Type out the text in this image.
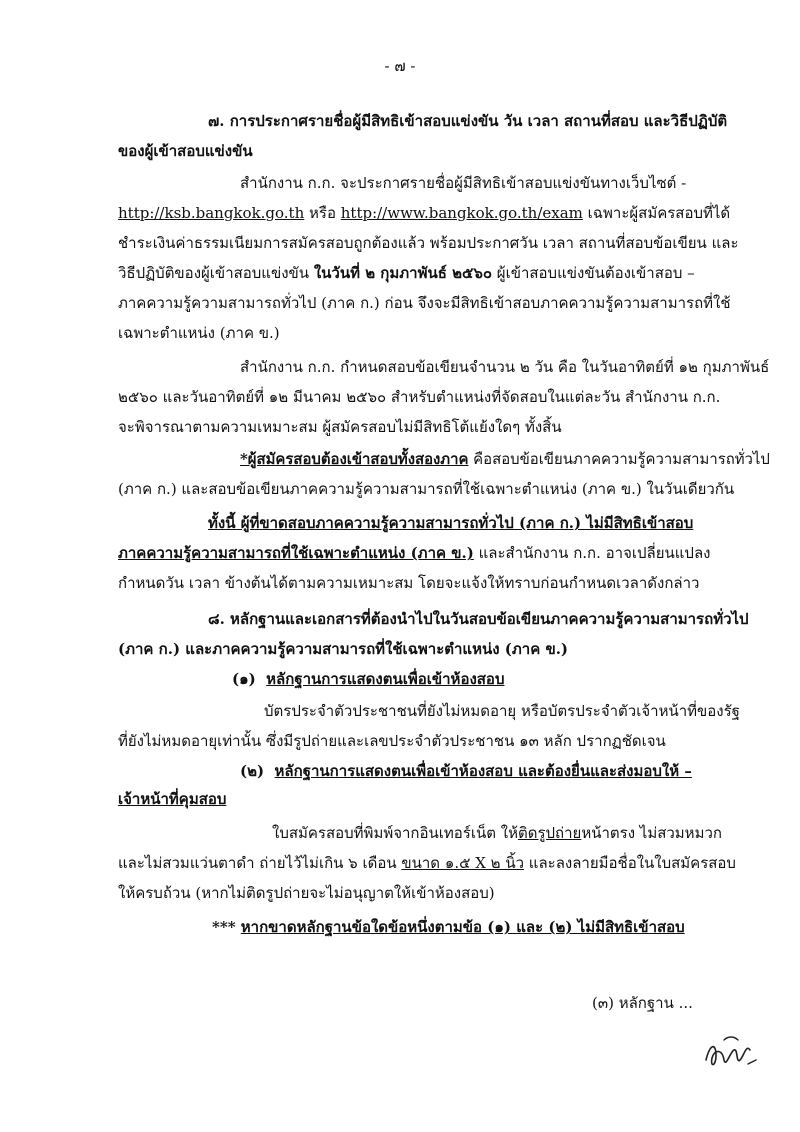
- ๗ -
๗. การประกาศรายชื่อผู้มีสิทธิเข้าสอบแข่งขัน วัน เวลา สถานที่สอบ และวิธีปฏิบัติ
ของผู้เข้าสอบแข่งขัน
สำนักงาน ก.ก. จะประกาศรายชื่อผู้มีสิทธิเข้าสอบแข่งขันทางเว็บไซต์ -
http://ksb.bangkok.go.th หรือ http://www.bangkok.go.th/exam เฉพาะผู้สมัครสอบที่ได้
ชำระเงินค่าธรรมเนียมการสมัครสอบถูกต้องแล้ว พร้อมประกาศวัน เวลา สถานที่สอบข้อเขียน และ
วิธีปฏิบัติของผู้เข้าสอบแข่งขัน ในวันที่ ๒ กุมภาพันธ์ ๒๕๖๐ ผู้เข้าสอบแข่งขันต้องเข้าสอบ –
ภาคความรู้ความสามารถทั่วไป (ภาค ก.) ก่อน จึงจะมีสิทธิเข้าสอบภาคความรู้ความสามารถที่ใช้
เฉพาะตำแหน่ง (ภาค ข.)
สำนักงาน ก.ก. กำหนดสอบข้อเขียนจำนวน ๒ วัน คือ ในวันอาทิตย์ที่ ๑๒ กุมภาพันธ์
๒๕๖๐ และวันอาทิตย์ที่ ๑๒ มีนาคม ๒๕๖๐ สำหรับตำแหน่งที่จัดสอบในแต่ละวัน สำนักงาน ก.ก.
จะพิจารณาตามความเหมาะสม ผู้สมัครสอบไม่มีสิทธิโต้แย้งใดๆ ทั้งสิ้น
*ผู้สมัครสอบต้องเข้าสอบทั้งสองภาค คือสอบข้อเขียนภาคความรู้ความสามารถทั่วไป
(ภาค ก.) และสอบข้อเขียนภาคความรู้ความสามารถที่ใช้เฉพาะตำแหน่ง (ภาค ข.) ในวันเดียวกัน
ทั้งนี้ ผู้ที่ขาดสอบภาคความรู้ความสามารถทั่วไป (ภาค ก.) ไม่มีสิทธิเข้าสอบ
ภาคความรู้ความสามารถที่ใช้เฉพาะตำแหน่ง (ภาค ข.) และสำนักงาน ก.ก. อาจเปลี่ยนแปลง
กำหนดวัน เวลา ข้างต้นได้ตามความเหมาะสม โดยจะแจ้งให้ทราบก่อนกำหนดเวลาดังกล่าว
๘. หลักฐานและเอกสารที่ต้องนำไปในวันสอบข้อเขียนภาคความรู้ความสามารถทั่วไป
(ภาค ก.) และภาคความรู้ความสามารถที่ใช้เฉพาะตำแหน่ง (ภาค ข.)
(๑) หลักฐานการแสดงตนเพื่อเข้าห้องสอบ
บัตรประจำตัวประชาชนที่ยังไม่หมดอายุ หรือบัตรประจำตัวเจ้าหน้าที่ของรัฐ
ที่ยังไม่หมดอายุเท่านั้น ซึ่งมีรูปถ่ายและเลขประจำตัวประชาชน ๑๓ หลัก ปรากฏชัดเจน
(๒) หลักฐานการแสดงตนเพื่อเข้าห้องสอบ และต้องยื่นและส่งมอบให้ –
เจ้าหน้าที่คุมสอบ
ใบสมัครสอบที่พิมพ์จากอินเทอร์เน็ต ให้ติดรูปถ่ายหน้าตรง ไม่สวมหมวก
และไม่สวมแว่นตาดำ ถ่ายไว้ไม่เกิน ๖ เดือน ขนาด ๑.๕ X ๒ นิ้ว และลงลายมือชื่อในใบสมัครสอบ
ให้ครบถ้วน (หากไม่ติดรูปถ่ายจะไม่อนุญาตให้เข้าห้องสอบ)
*** หากขาดหลักฐานข้อใดข้อหนึ่งตามข้อ (๑) และ (๒) ไม่มีสิทธิเข้าสอบ
(๓) หลักฐาน ...
